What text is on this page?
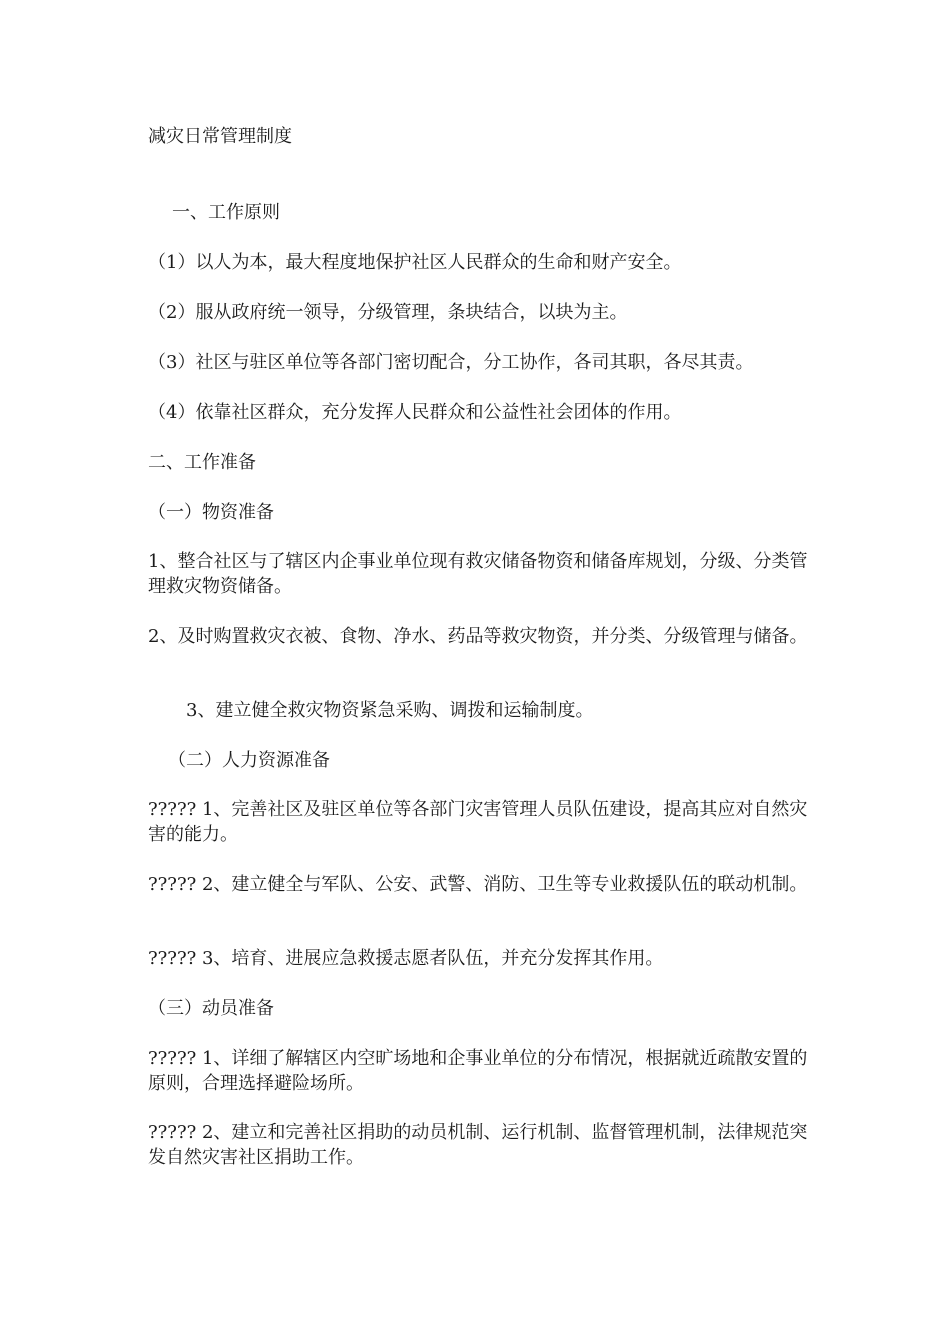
减灾日常管理制度
一、工作原则
（1）以人为本，最大程度地保护社区人民群众的生命和财产安全。
（2）服从政府统一领导，分级管理，条块结合，以块为主。
（3）社区与驻区单位等各部门密切配合，分工协作，各司其职，各尽其责。
（4）依靠社区群众，充分发挥人民群众和公益性社会团体的作用。
二、工作准备
（一）物资准备
1、整合社区与了辖区内企事业单位现有救灾储备物资和储备库规划，分级、分类管理救灾物资储备。
2、及时购置救灾衣被、食物、净水、药品等救灾物资，并分类、分级管理与储备。
3、建立健全救灾物资紧急采购、调拨和运输制度。
（二）人力资源准备
????? 1、完善社区及驻区单位等各部门灾害管理人员队伍建设，提高其应对自然灾害的能力。
????? 2、建立健全与军队、公安、武警、消防、卫生等专业救援队伍的联动机制。
????? 3、培育、进展应急救援志愿者队伍，并充分发挥其作用。
（三）动员准备
????? 1、详细了解辖区内空旷场地和企事业单位的分布情况，根据就近疏散安置的原则，合理选择避险场所。
????? 2、建立和完善社区捐助的动员机制、运行机制、监督管理机制，法律规范突发自然灾害社区捐助工作。
